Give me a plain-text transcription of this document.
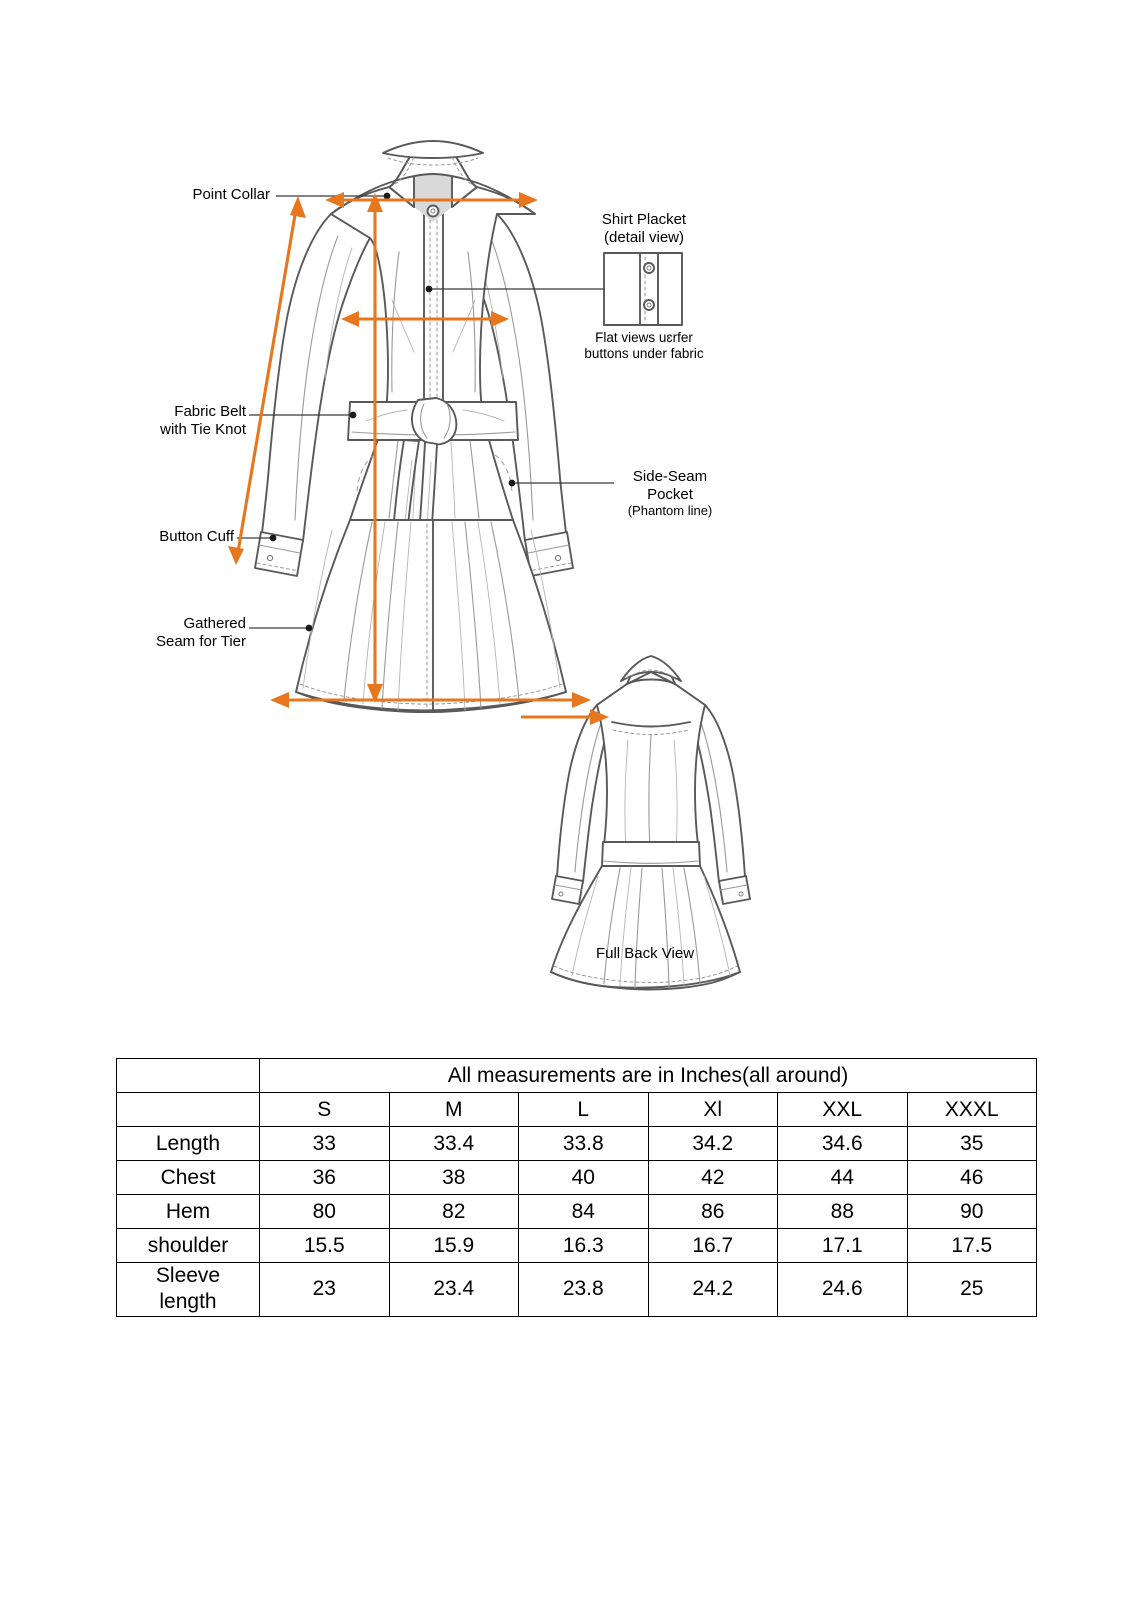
Point Collar
Fabric Belt
with Tie Knot
Button Cuff
Gathered
Seam for Tier
Shirt Placket
(detail view)
Flat views uɛrfer
buttons under fabric
Side-Seam
Pocket
(Phantom line)
Full Back View
	All measurements are in Inches(all around)					
	S	M	L	Xl	XXL	XXXL
Length	33	33.4	33.8	34.2	34.6	35
Chest	36	38	40	42	44	46
Hem	80	82	84	86	88	90
shoulder	15.5	15.9	16.3	16.7	17.1	17.5
Sleeve
length	23	23.4	23.8	24.2	24.6	25
